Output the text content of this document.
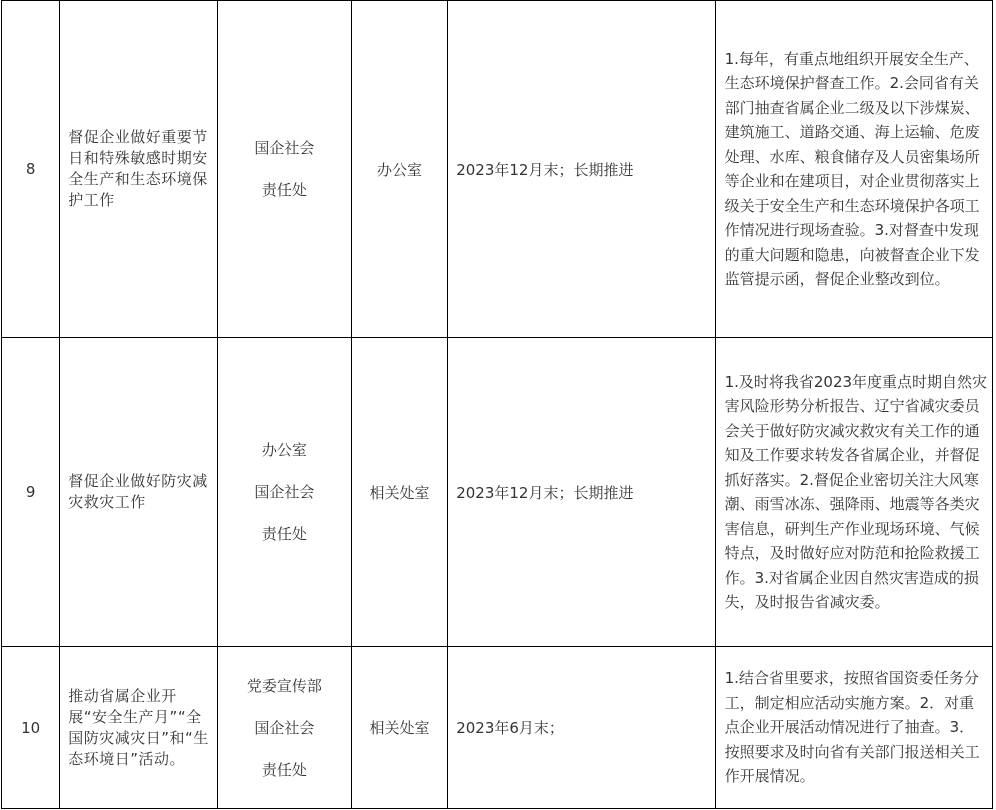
8	督促企业做好重要节日和特殊敏感时期安全生产和生态环境保护工作	国企社会
责任处	办公室	2023年12月末；长期推进	1.每年，有重点地组织开展安全生产、生态环境保护督查工作。2.会同省有关部门抽查省属企业二级及以下涉煤炭、建筑施工、道路交通、海上运输、危废处理、水库、粮食储存及人员密集场所等企业和在建项目，对企业贯彻落实上级关于安全生产和生态环境保护各项工作情况进行现场查验。3.对督查中发现的重大问题和隐患，向被督查企业下发监管提示函，督促企业整改到位。
9	督促企业做好防灾减灾救灾工作	办公室
国企社会
责任处	相关处室	2023年12月末；长期推进	1.及时将我省2023年度重点时期自然灾害风险形势分析报告、辽宁省减灾委员会关于做好防灾减灾救灾有关工作的通知及工作要求转发各省属企业，并督促抓好落实。2.督促企业密切关注大风寒潮、雨雪冰冻、强降雨、地震等各类灾害信息，研判生产作业现场环境、气候特点，及时做好应对防范和抢险救援工作。3.对省属企业因自然灾害造成的损失，及时报告省减灾委。
10	推动省属企业开展“安全生产月”“全国防灾减灾日”和“生态环境日”活动。	党委宣传部
国企社会
责任处	相关处室	2023年6月末；	1.结合省里要求，按照省国资委任务分工，制定相应活动实施方案。2．对重点企业开展活动情况进行了抽查。3．按照要求及时向省有关部门报送相关工作开展情况。
